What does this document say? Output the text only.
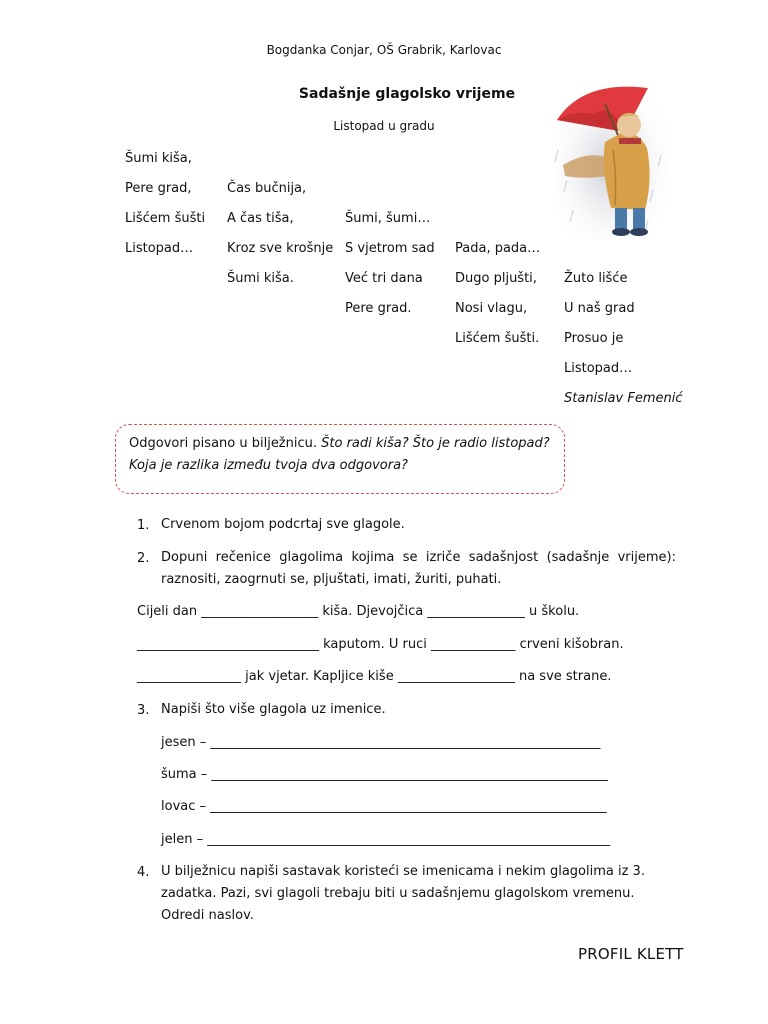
Bogdanka Conjar, OŠ Grabrik, Karlovac
Sadašnje glagolsko vrijeme
Listopad u gradu
Šumi kiša,
Pere grad,
Lišćem šušti
Listopad…
Čas bučnija,
A čas tiša,
Kroz sve krošnje
Šumi kiša.
Šumi, šumi…
S vjetrom sad
Već tri dana
Pere grad.
Pada, pada…
Dugo pljušti,
Nosi vlagu,
Lišćem šušti.
Žuto lišće
U naš grad
Prosuo je
Listopad…
Stanislav Femenić
Odgovori pisano u bilježnicu. Što radi kiša? Što je radio listopad?
Koja je razlika između tvoja dva odgovora?
1. Crvenom bojom podcrtaj sve glagole.
2. Dopuni rečenice glagolima kojima se izriče sadašnjost (sadašnje vrijeme): raznositi, zaogrnuti se, pljuštati, imati, žuriti, puhati.
Cijeli dan __________________ kiša. Djevojčica _______________ u školu.
____________________________ kaputom. U ruci _____________ crveni kišobran.
________________ jak vjetar. Kapljice kiše __________________ na sve strane.
3. Napiši što više glagola uz imenice.
jesen – ____________________________________________________________
šuma – _____________________________________________________________
lovac – _____________________________________________________________
jelen – ______________________________________________________________
4. U bilježnicu napiši sastavak koristeći se imenicama i nekim glagolima iz 3. zadatka. Pazi, svi glagoli trebaju biti u sadašnjemu glagolskom vremenu. Odredi naslov.
PROFIL KLETT
